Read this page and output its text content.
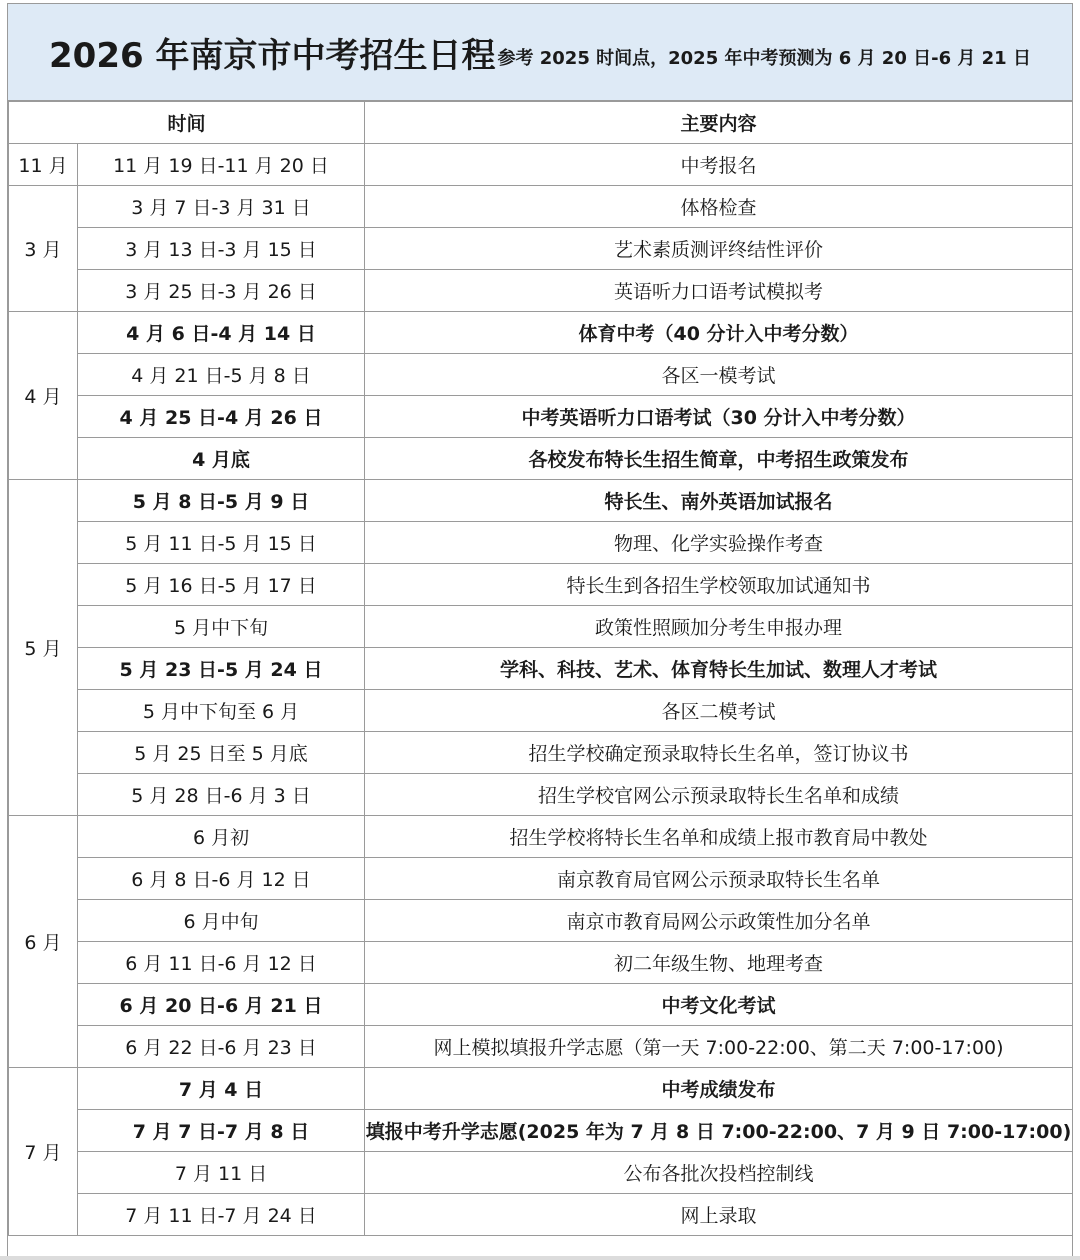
2026 年南京市中考招生日程 参考 2025 时间点，2025 年中考预测为 6 月 20 日-6 月 21 日
时间		主要内容
11 月	11 月 19 日-11 月 20 日	中考报名
3 月	3 月 7 日-3 月 31 日	体格检查
	3 月 13 日-3 月 15 日	艺术素质测评终结性评价
	3 月 25 日-3 月 26 日	英语听力口语考试模拟考
4 月	4 月 6 日-4 月 14 日	体育中考（40 分计入中考分数）
	4 月 21 日-5 月 8 日	各区一模考试
	4 月 25 日-4 月 26 日	中考英语听力口语考试（30 分计入中考分数）
	4 月底	各校发布特长生招生简章，中考招生政策发布
5 月	5 月 8 日-5 月 9 日	特长生、南外英语加试报名
	5 月 11 日-5 月 15 日	物理、化学实验操作考查
	5 月 16 日-5 月 17 日	特长生到各招生学校领取加试通知书
	5 月中下旬	政策性照顾加分考生申报办理
	5 月 23 日-5 月 24 日	学科、科技、艺术、体育特长生加试、数理人才考试
	5 月中下旬至 6 月	各区二模考试
	5 月 25 日至 5 月底	招生学校确定预录取特长生名单，签订协议书
	5 月 28 日-6 月 3 日	招生学校官网公示预录取特长生名单和成绩
6 月	6 月初	招生学校将特长生名单和成绩上报市教育局中教处
	6 月 8 日-6 月 12 日	南京教育局官网公示预录取特长生名单
	6 月中旬	南京市教育局网公示政策性加分名单
	6 月 11 日-6 月 12 日	初二年级生物、地理考查
	6 月 20 日-6 月 21 日	中考文化考试
	6 月 22 日-6 月 23 日	网上模拟填报升学志愿（第一天 7:00-22:00、第二天 7:00-17:00)
7 月	7 月 4 日	中考成绩发布
	7 月 7 日-7 月 8 日	填报中考升学志愿(2025 年为 7 月 8 日 7:00-22:00、7 月 9 日 7:00-17:00)
	7 月 11 日	公布各批次投档控制线
	7 月 11 日-7 月 24 日	网上录取
